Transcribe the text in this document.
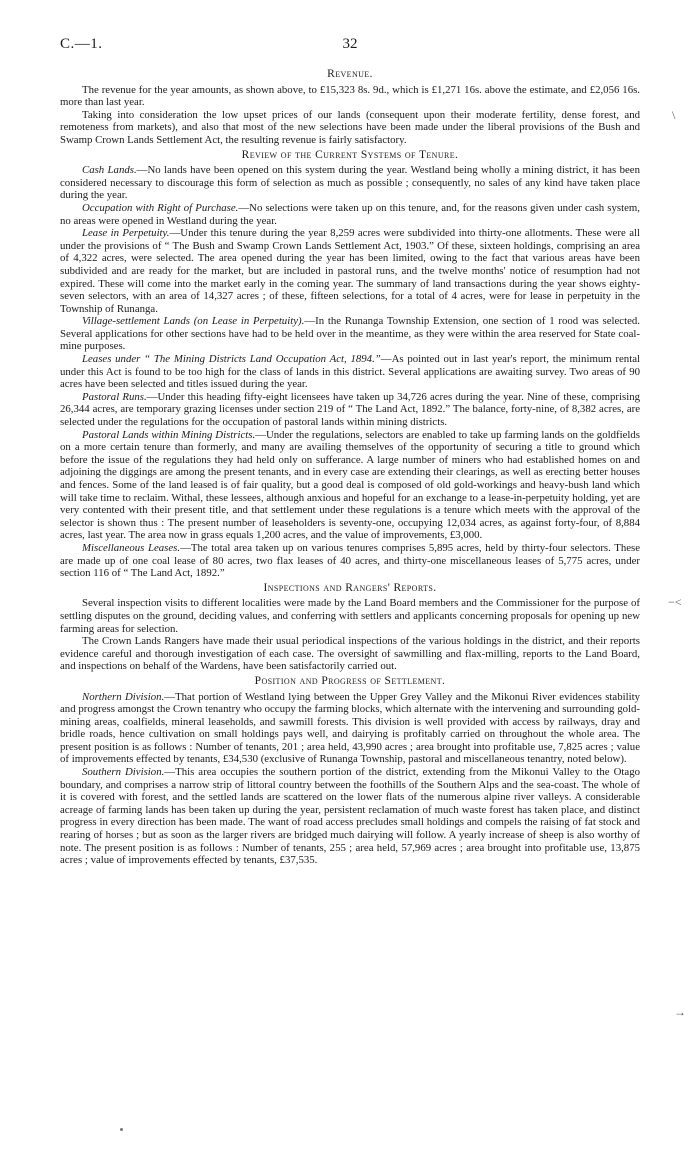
C.—1.	32
Revenue.

The revenue for the year amounts, as shown above, to £15,323 8s. 9d., which is £1,271 16s. above the estimate, and £2,056 16s. more than last year.

Taking into consideration the low upset prices of our lands (consequent upon their moderate fertility, dense forest, and remoteness from markets), and also that most of the new selections have been made under the liberal provisions of the Bush and Swamp Crown Lands Settlement Act, the resulting revenue is fairly satisfactory.

Review of the Current Systems of Tenure.

Cash Lands.—No lands have been opened on this system during the year. Westland being wholly a mining district, it has been considered necessary to discourage this form of selection as much as possible ; consequently, no sales of any kind have taken place during the year.

Occupation with Right of Purchase.—No selections were taken up on this tenure, and, for the reasons given under cash system, no areas were opened in Westland during the year.

Lease in Perpetuity.—Under this tenure during the year 8,259 acres were subdivided into thirty-one allotments. These were all under the provisions of “ The Bush and Swamp Crown Lands Settlement Act, 1903.” Of these, sixteen holdings, comprising an area of 4,322 acres, were selected. The area opened during the year has been limited, owing to the fact that various areas have been subdivided and are ready for the market, but are included in pastoral runs, and the twelve months' notice of resumption had not expired. These will come into the market early in the coming year. The summary of land transactions during the year shows eighty-seven selectors, with an area of 14,327 acres ; of these, fifteen selections, for a total of 4 acres, were for lease in perpetuity in the Township of Runanga.

Village-settlement Lands (on Lease in Perpetuity).—In the Runanga Township Extension, one section of 1 rood was selected. Several applications for other sections have had to be held over in the meantime, as they were within the area reserved for State coal-mine purposes.

Leases under “ The Mining Districts Land Occupation Act, 1894.”—As pointed out in last year's report, the minimum rental under this Act is found to be too high for the class of lands in this district. Several applications are awaiting survey. Two areas of 90 acres have been selected and titles issued during the year.

Pastoral Runs.—Under this heading fifty-eight licensees have taken up 34,726 acres during the year. Nine of these, comprising 26,344 acres, are temporary grazing licenses under section 219 of “ The Land Act, 1892.” The balance, forty-nine, of 8,382 acres, are selected under the regulations for the occupation of pastoral lands within mining districts.

Pastoral Lands within Mining Districts.—Under the regulations, selectors are enabled to take up farming lands on the goldfields on a more certain tenure than formerly, and many are availing themselves of the opportunity of securing a title to ground which before the issue of the regulations they had held only on sufferance. A large number of miners who had established homes on and adjoining the diggings are among the present tenants, and in every case are extending their clearings, as well as erecting better houses and fences. Some of the land leased is of fair quality, but a good deal is composed of old gold-workings and heavy-bush land which will take time to reclaim. Withal, these lessees, although anxious and hopeful for an exchange to a lease-in-perpetuity holding, yet are very contented with their present title, and that settlement under these regulations is a tenure which meets with the approval of the selector is shown thus : The present number of leaseholders is seventy-one, occupying 12,034 acres, as against forty-four, of 8,884 acres, last year. The area now in grass equals 1,200 acres, and the value of improvements, £3,000.

Miscellaneous Leases.—The total area taken up on various tenures comprises 5,895 acres, held by thirty-four selectors. These are made up of one coal lease of 80 acres, two flax leases of 40 acres, and thirty-one miscellaneous leases of 5,775 acres, under section 116 of “ The Land Act, 1892.”

Inspections and Rangers' Reports.

Several inspection visits to different localities were made by the Land Board members and the Commissioner for the purpose of settling disputes on the ground, deciding values, and conferring with settlers and applicants concerning proposals for opening up new farming areas for selection.

The Crown Lands Rangers have made their usual periodical inspections of the various holdings in the district, and their reports evidence careful and thorough investigation of each case. The oversight of sawmilling and flax-milling, reports to the Land Board, and inspections on behalf of the Wardens, have been satisfactorily carried out.

Position and Progress of Settlement.

Northern Division.—That portion of Westland lying between the Upper Grey Valley and the Mikonui River evidences stability and progress amongst the Crown tenantry who occupy the farming blocks, which alternate with the intervening and surrounding gold-mining areas, coalfields, mineral leaseholds, and sawmill forests. This division is well provided with access by railways, dray and bridle roads, hence cultivation on small holdings pays well, and dairying is profitably carried on throughout the whole area. The present position is as follows : Number of tenants, 201 ; area held, 43,990 acres ; area brought into profitable use, 7,825 acres ; value of improvements effected by tenants, £34,530 (exclusive of Runanga Township, pastoral and miscellaneous tenantry, noted below).

Southern Division.—This area occupies the southern portion of the district, extending from the Mikonui Valley to the Otago boundary, and comprises a narrow strip of littoral country between the foothills of the Southern Alps and the sea-coast. The whole of it is covered with forest, and the settled lands are scattered on the lower flats of the numerous alpine river valleys. A considerable acreage of farming lands has been taken up during the year, persistent reclamation of much waste forest has taken place, and distinct progress in every direction has been made. The want of road access precludes small holdings and compels the raising of fat stock and rearing of horses ; but as soon as the larger rivers are bridged much dairying will follow. A yearly increase of sheep is also worthy of note. The present position is as follows : Number of tenants, 255 ; area held, 57,969 acres ; area brought into profitable use, 13,875 acres ; value of improvements effected by tenants, £37,535.

\
−<
→
